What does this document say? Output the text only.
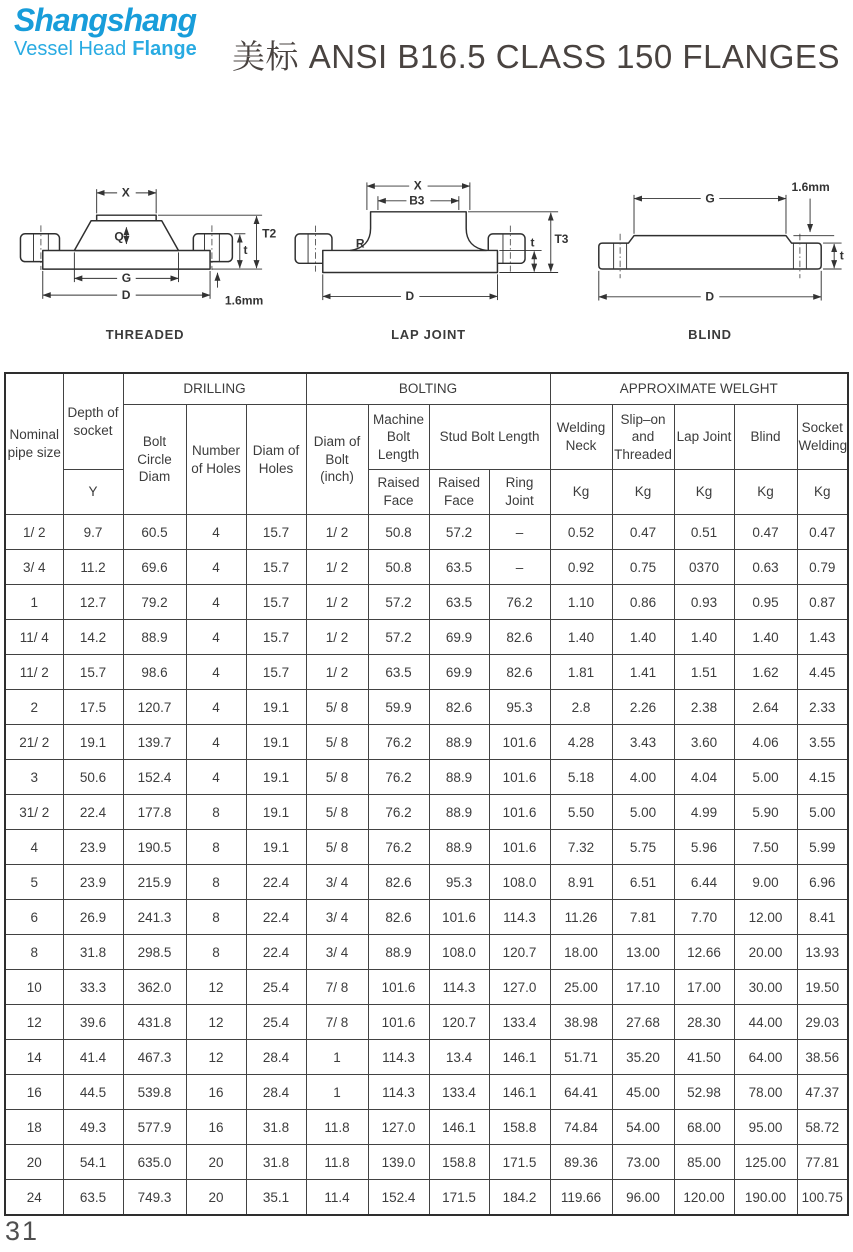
Shangshang
Vessel Head Flange 美标 ANSI B16.5 CLASS 150 FLANGES
Q
X
G
D
t
T2
1.6mm
THREADED
R
X
B3
D
t T3
LAP JOINT
G
D
1.6mm
t
BLIND
Nominal pipe size	Depth of socket	DRILLING			BOLTING				APPROXIMATE WELGHT				
		Bolt Circle Diam	Number of Holes	Diam of Holes	Diam of Bolt (inch)	Machine Bolt Length	Stud Bolt Length		Welding Neck	Slip–on and Threaded	Lap Joint	Blind	Socket Welding
	Y					Raised Face	Raised Face	Ring Joint	Kg	Kg	Kg	Kg	Kg
1/ 2	9.7	60.5	4	15.7	1/ 2	50.8	57.2	–	0.52	0.47	0.51	0.47	0.47
3/ 4	11.2	69.6	4	15.7	1/ 2	50.8	63.5	–	0.92	0.75	0370	0.63	0.79
1	12.7	79.2	4	15.7	1/ 2	57.2	63.5	76.2	1.10	0.86	0.93	0.95	0.87
11/ 4	14.2	88.9	4	15.7	1/ 2	57.2	69.9	82.6	1.40	1.40	1.40	1.40	1.43
11/ 2	15.7	98.6	4	15.7	1/ 2	63.5	69.9	82.6	1.81	1.41	1.51	1.62	4.45
2	17.5	120.7	4	19.1	5/ 8	59.9	82.6	95.3	2.8	2.26	2.38	2.64	2.33
21/ 2	19.1	139.7	4	19.1	5/ 8	76.2	88.9	101.6	4.28	3.43	3.60	4.06	3.55
3	50.6	152.4	4	19.1	5/ 8	76.2	88.9	101.6	5.18	4.00	4.04	5.00	4.15
31/ 2	22.4	177.8	8	19.1	5/ 8	76.2	88.9	101.6	5.50	5.00	4.99	5.90	5.00
4	23.9	190.5	8	19.1	5/ 8	76.2	88.9	101.6	7.32	5.75	5.96	7.50	5.99
5	23.9	215.9	8	22.4	3/ 4	82.6	95.3	108.0	8.91	6.51	6.44	9.00	6.96
6	26.9	241.3	8	22.4	3/ 4	82.6	101.6	114.3	11.26	7.81	7.70	12.00	8.41
8	31.8	298.5	8	22.4	3/ 4	88.9	108.0	120.7	18.00	13.00	12.66	20.00	13.93
10	33.3	362.0	12	25.4	7/ 8	101.6	114.3	127.0	25.00	17.10	17.00	30.00	19.50
12	39.6	431.8	12	25.4	7/ 8	101.6	120.7	133.4	38.98	27.68	28.30	44.00	29.03
14	41.4	467.3	12	28.4	1	114.3	13.4	146.1	51.71	35.20	41.50	64.00	38.56
16	44.5	539.8	16	28.4	1	114.3	133.4	146.1	64.41	45.00	52.98	78.00	47.37
18	49.3	577.9	16	31.8	11.8	127.0	146.1	158.8	74.84	54.00	68.00	95.00	58.72
20	54.1	635.0	20	31.8	11.8	139.0	158.8	171.5	89.36	73.00	85.00	125.00	77.81
24	63.5	749.3	20	35.1	11.4	152.4	171.5	184.2	119.66	96.00	120.00	190.00	100.75
31
